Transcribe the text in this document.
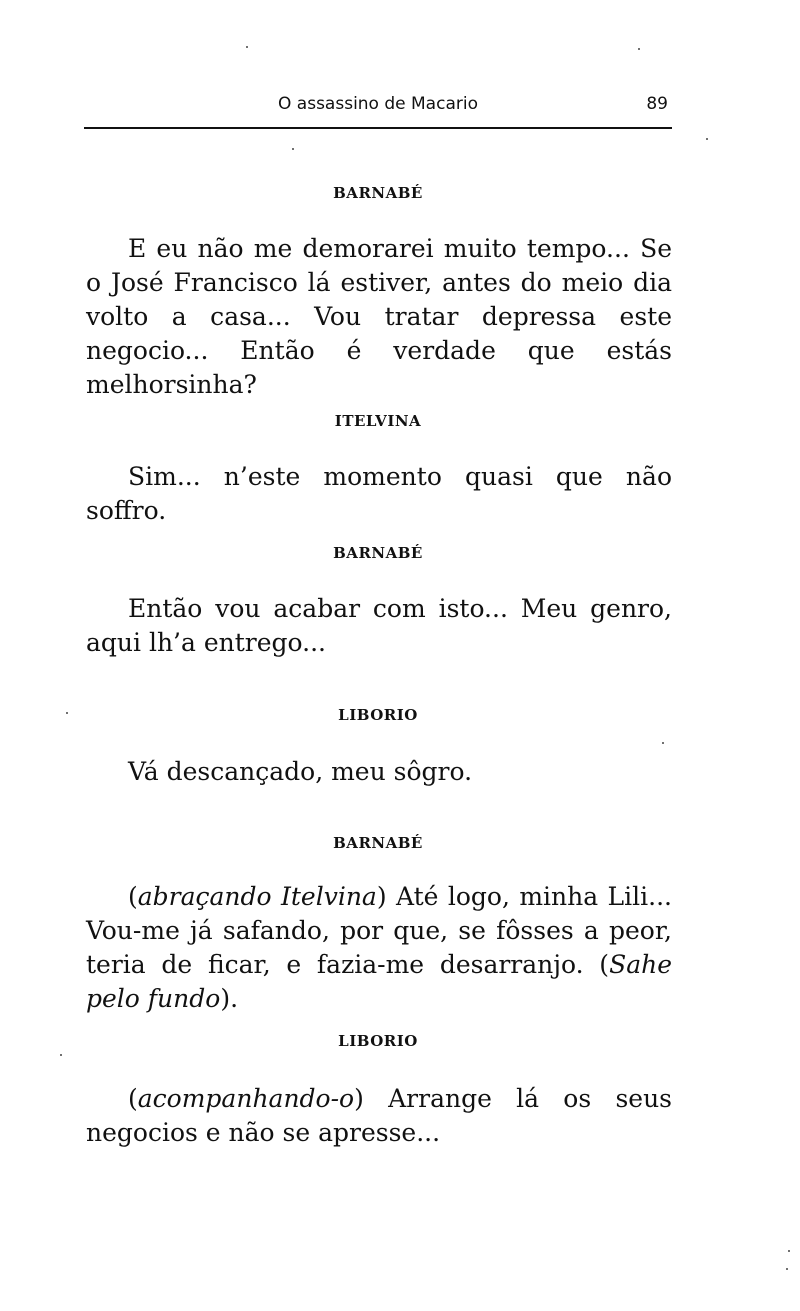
O assassino de Macario	89
BARNABÉ
E eu não me demorarei muito tempo... Se o José Francisco lá estiver, antes do meio dia volto a casa... Vou tratar depressa este negocio... Então é verdade que estás melhorsinha?
ITELVINA
Sim... n’este momento quasi que não soffro.
BARNABÉ
Então vou acabar com isto... Meu genro, aqui lh’a entrego...
LIBORIO
Vá descançado, meu sôgro.
BARNABÉ
(abraçando Itelvina) Até logo, minha Lili... Vou-me já safando, por que, se fôsses a peor, teria de ficar, e fazia-me desarranjo. (Sahe pelo fundo).
LIBORIO
(acompanhando-o) Arrange lá os seus negocios e não se apresse...
